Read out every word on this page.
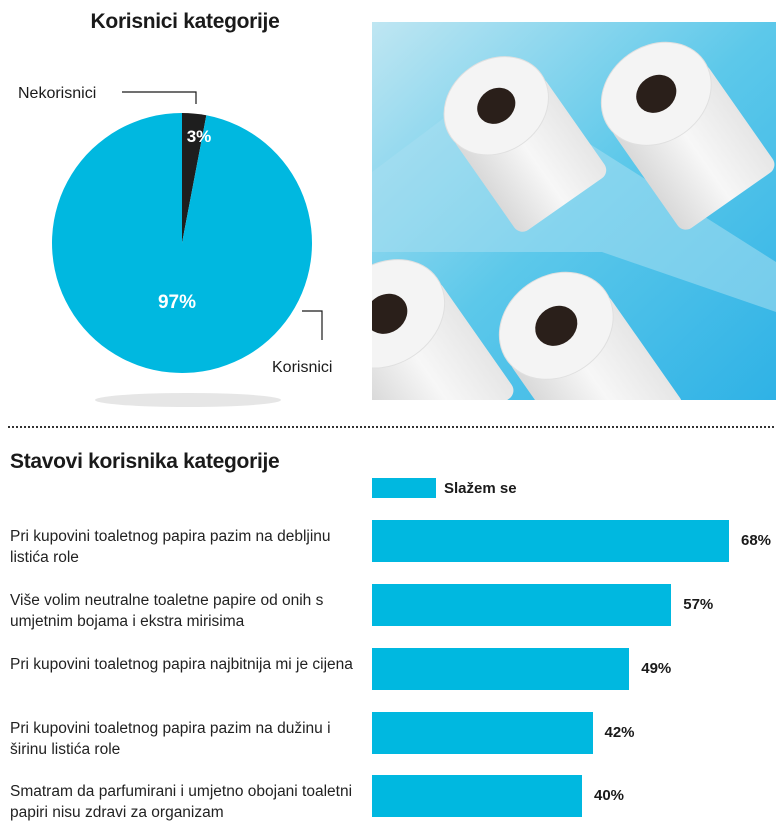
Korisnici kategorije
Nekorisnici
Korisnici
3%
97%
Stavovi korisnika kategorije
Slažem se
Pri kupovini toaletnog papira pazim na debljinu listića role
68%
Više volim neutralne toaletne papire od onih s umjetnim bojama i ekstra mirisima
57%
Pri kupovini toaletnog papira najbitnija mi je cijena	49%
Pri kupovini toaletnog papira pazim na dužinu i širinu listića role
42%
Smatram da parfumirani i umjetno obojani toaletni papiri nisu zdravi za organizam
40%
